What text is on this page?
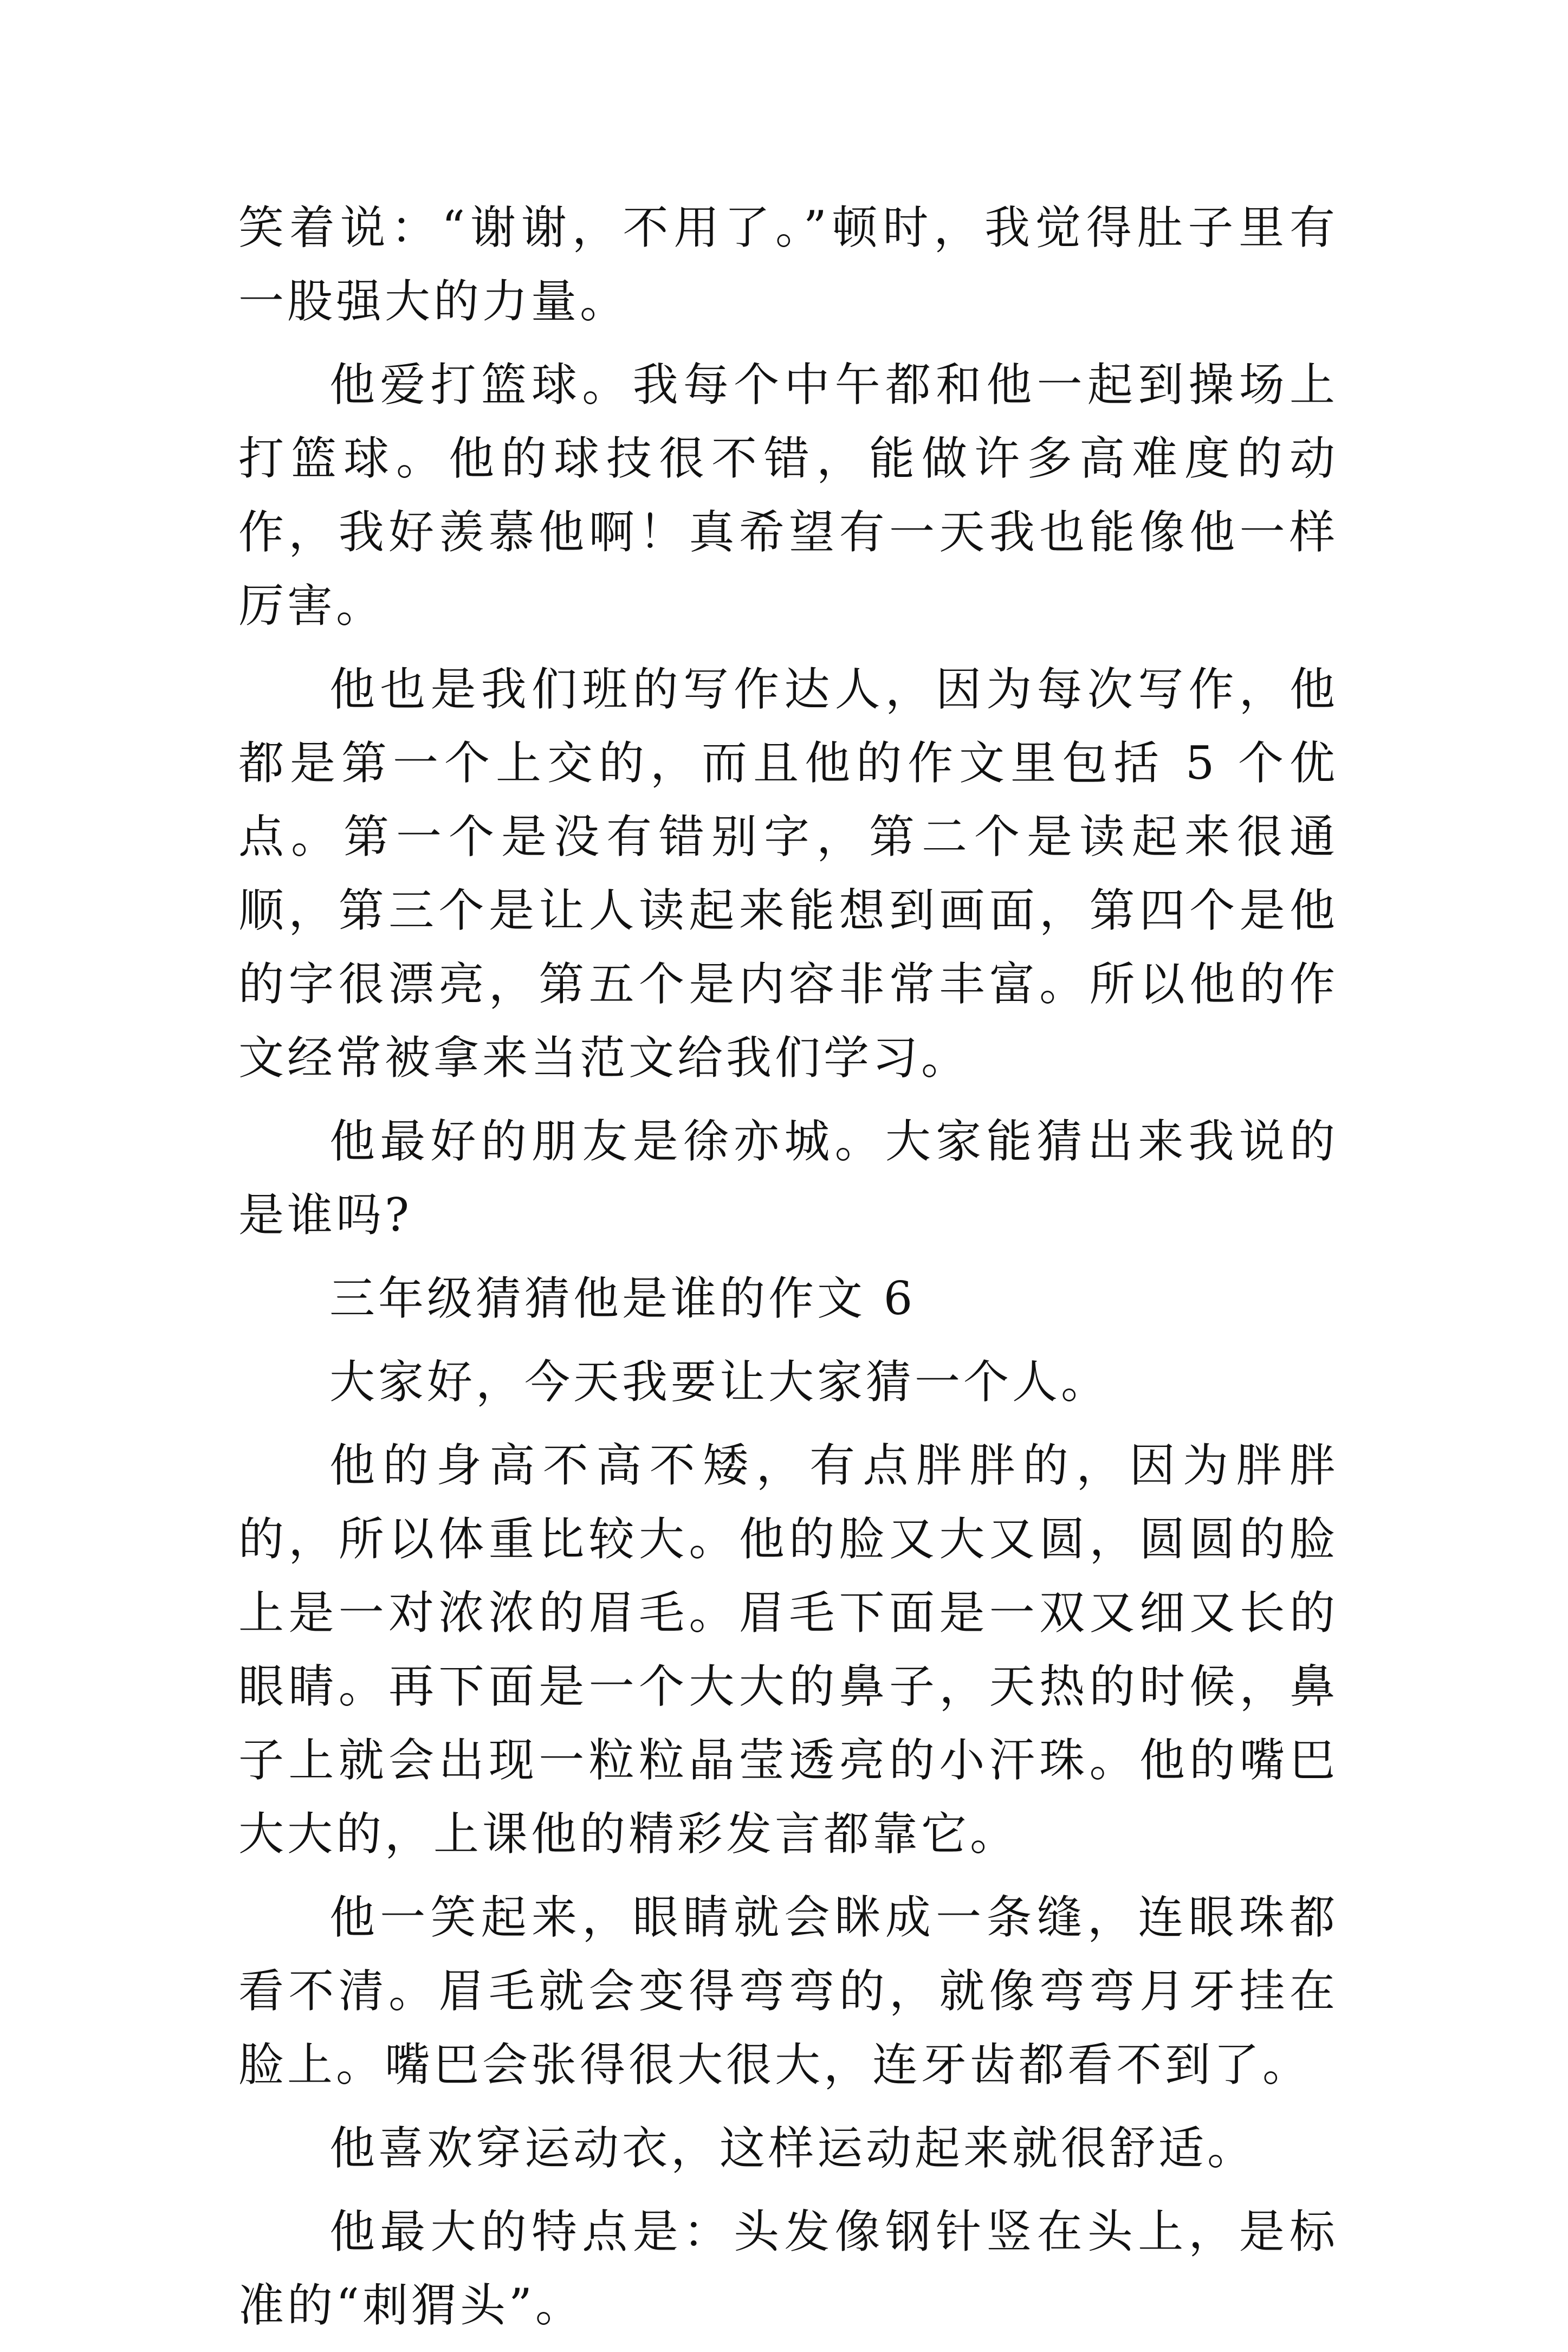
笑着说：“谢谢，不用了。”顿时，我觉得肚子里有一股强大的力量。

他爱打篮球。我每个中午都和他一起到操场上打篮球。他的球技很不错，能做许多高难度的动作，我好羡慕他啊！真希望有一天我也能像他一样厉害。

他也是我们班的写作达人，因为每次写作，他都是第一个上交的，而且他的作文里包括 5 个优点。第一个是没有错别字，第二个是读起来很通顺，第三个是让人读起来能想到画面，第四个是他的字很漂亮，第五个是内容非常丰富。所以他的作文经常被拿来当范文给我们学习。

他最好的朋友是徐亦城。大家能猜出来我说的是谁吗?

三年级猜猜他是谁的作文 6

大家好，今天我要让大家猜一个人。

他的身高不高不矮，有点胖胖的，因为胖胖的，所以体重比较大。他的脸又大又圆，圆圆的脸上是一对浓浓的眉毛。眉毛下面是一双又细又长的眼睛。再下面是一个大大的鼻子，天热的时候，鼻子上就会出现一粒粒晶莹透亮的小汗珠。他的嘴巴大大的，上课他的精彩发言都靠它。

他一笑起来，眼睛就会眯成一条缝，连眼珠都看不清。眉毛就会变得弯弯的，就像弯弯月牙挂在脸上。嘴巴会张得很大很大，连牙齿都看不到了。

他喜欢穿运动衣，这样运动起来就很舒适。

他最大的特点是：头发像钢针竖在头上，是标准的“刺猬头”。
